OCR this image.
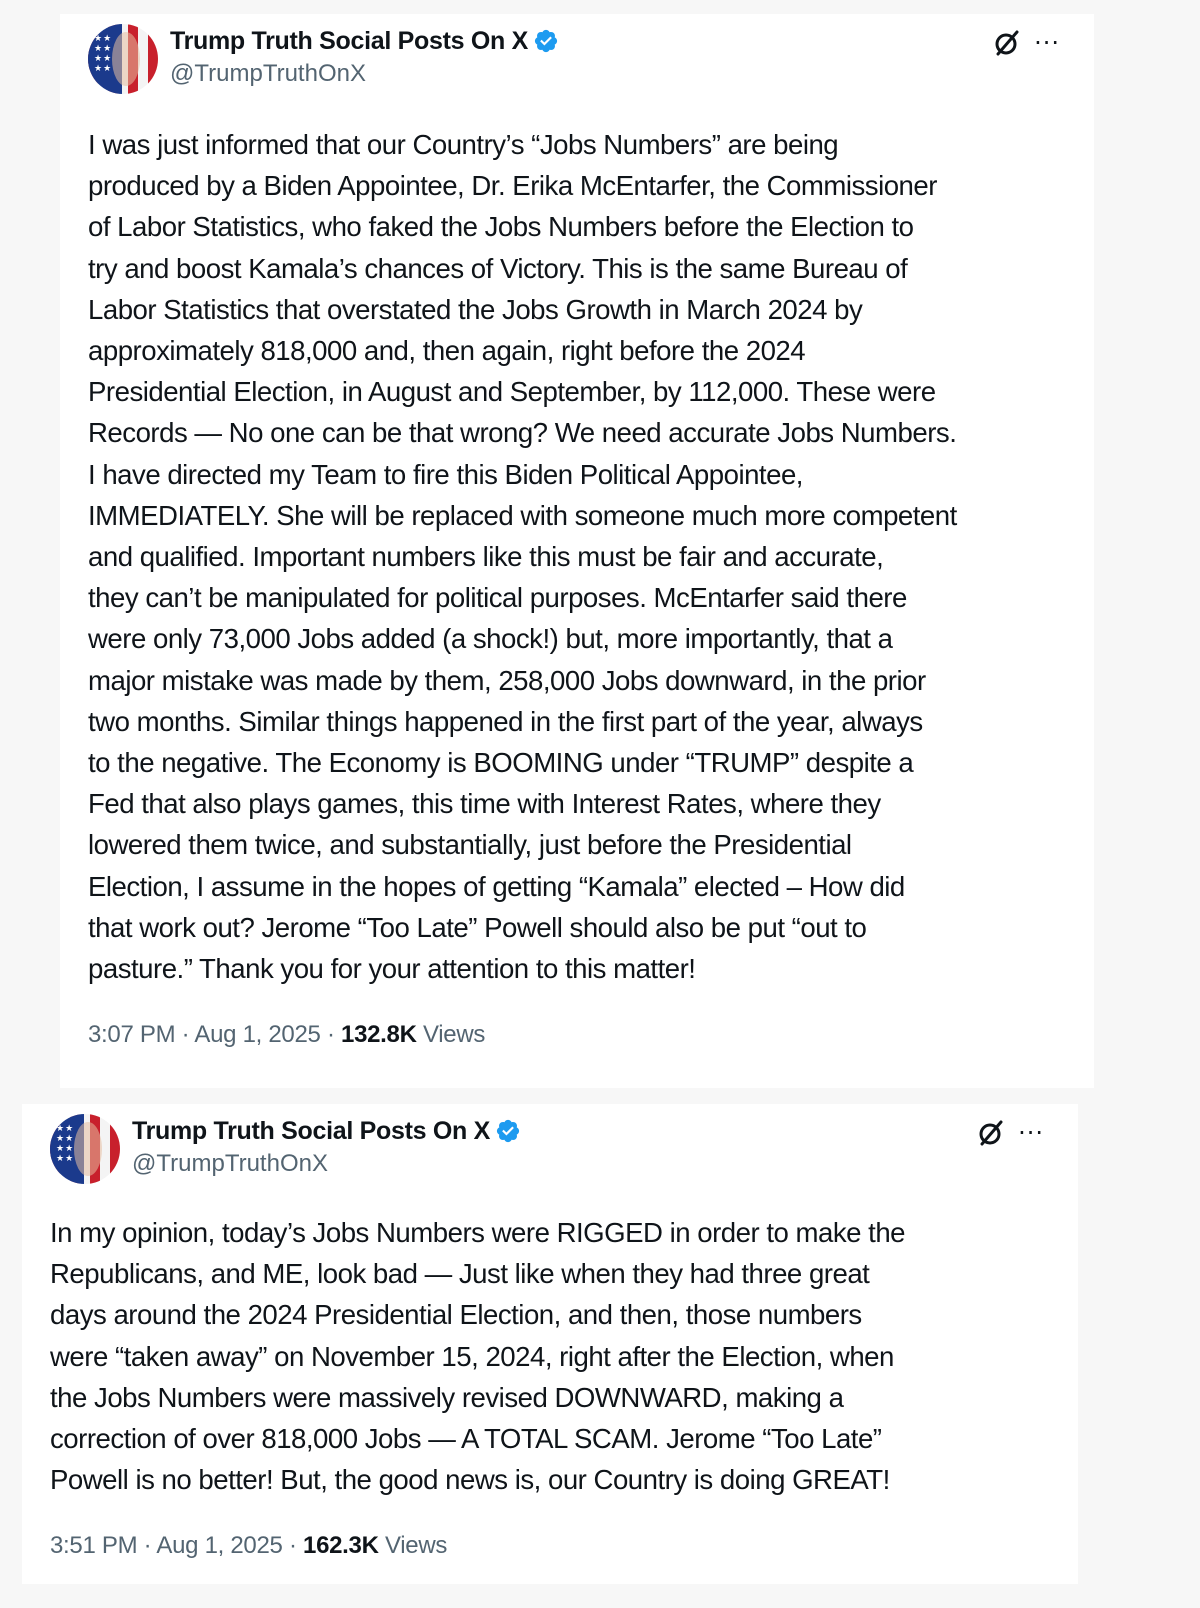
★★
★★
★★
★★
Trump Truth Social Posts On X
@TrumpTruthOnX
···
I was just informed that our Country’s “Jobs Numbers” are being
produced by a Biden Appointee, Dr. Erika McEntarfer, the Commissioner
of Labor Statistics, who faked the Jobs Numbers before the Election to
try and boost Kamala’s chances of Victory. This is the same Bureau of
Labor Statistics that overstated the Jobs Growth in March 2024 by
approximately 818,000 and, then again, right before the 2024
Presidential Election, in August and September, by 112,000. These were
Records — No one can be that wrong? We need accurate Jobs Numbers.
I have directed my Team to fire this Biden Political Appointee,
IMMEDIATELY. She will be replaced with someone much more competent
and qualified. Important numbers like this must be fair and accurate,
they can’t be manipulated for political purposes. McEntarfer said there
were only 73,000 Jobs added (a shock!) but, more importantly, that a
major mistake was made by them, 258,000 Jobs downward, in the prior
two months. Similar things happened in the first part of the year, always
to the negative. The Economy is BOOMING under “TRUMP” despite a
Fed that also plays games, this time with Interest Rates, where they
lowered them twice, and substantially, just before the Presidential
Election, I assume in the hopes of getting “Kamala” elected – How did
that work out? Jerome “Too Late” Powell should also be put “out to
pasture.” Thank you for your attention to this matter!
3:07 PM · Aug 1, 2025 · 132.8K Views
★★
★★
★★
★★
Trump Truth Social Posts On X
@TrumpTruthOnX
···
In my opinion, today’s Jobs Numbers were RIGGED in order to make the
Republicans, and ME, look bad — Just like when they had three great
days around the 2024 Presidential Election, and then, those numbers
were “taken away” on November 15, 2024, right after the Election, when
the Jobs Numbers were massively revised DOWNWARD, making a
correction of over 818,000 Jobs — A TOTAL SCAM. Jerome “Too Late”
Powell is no better! But, the good news is, our Country is doing GREAT!
3:51 PM · Aug 1, 2025 · 162.3K Views
